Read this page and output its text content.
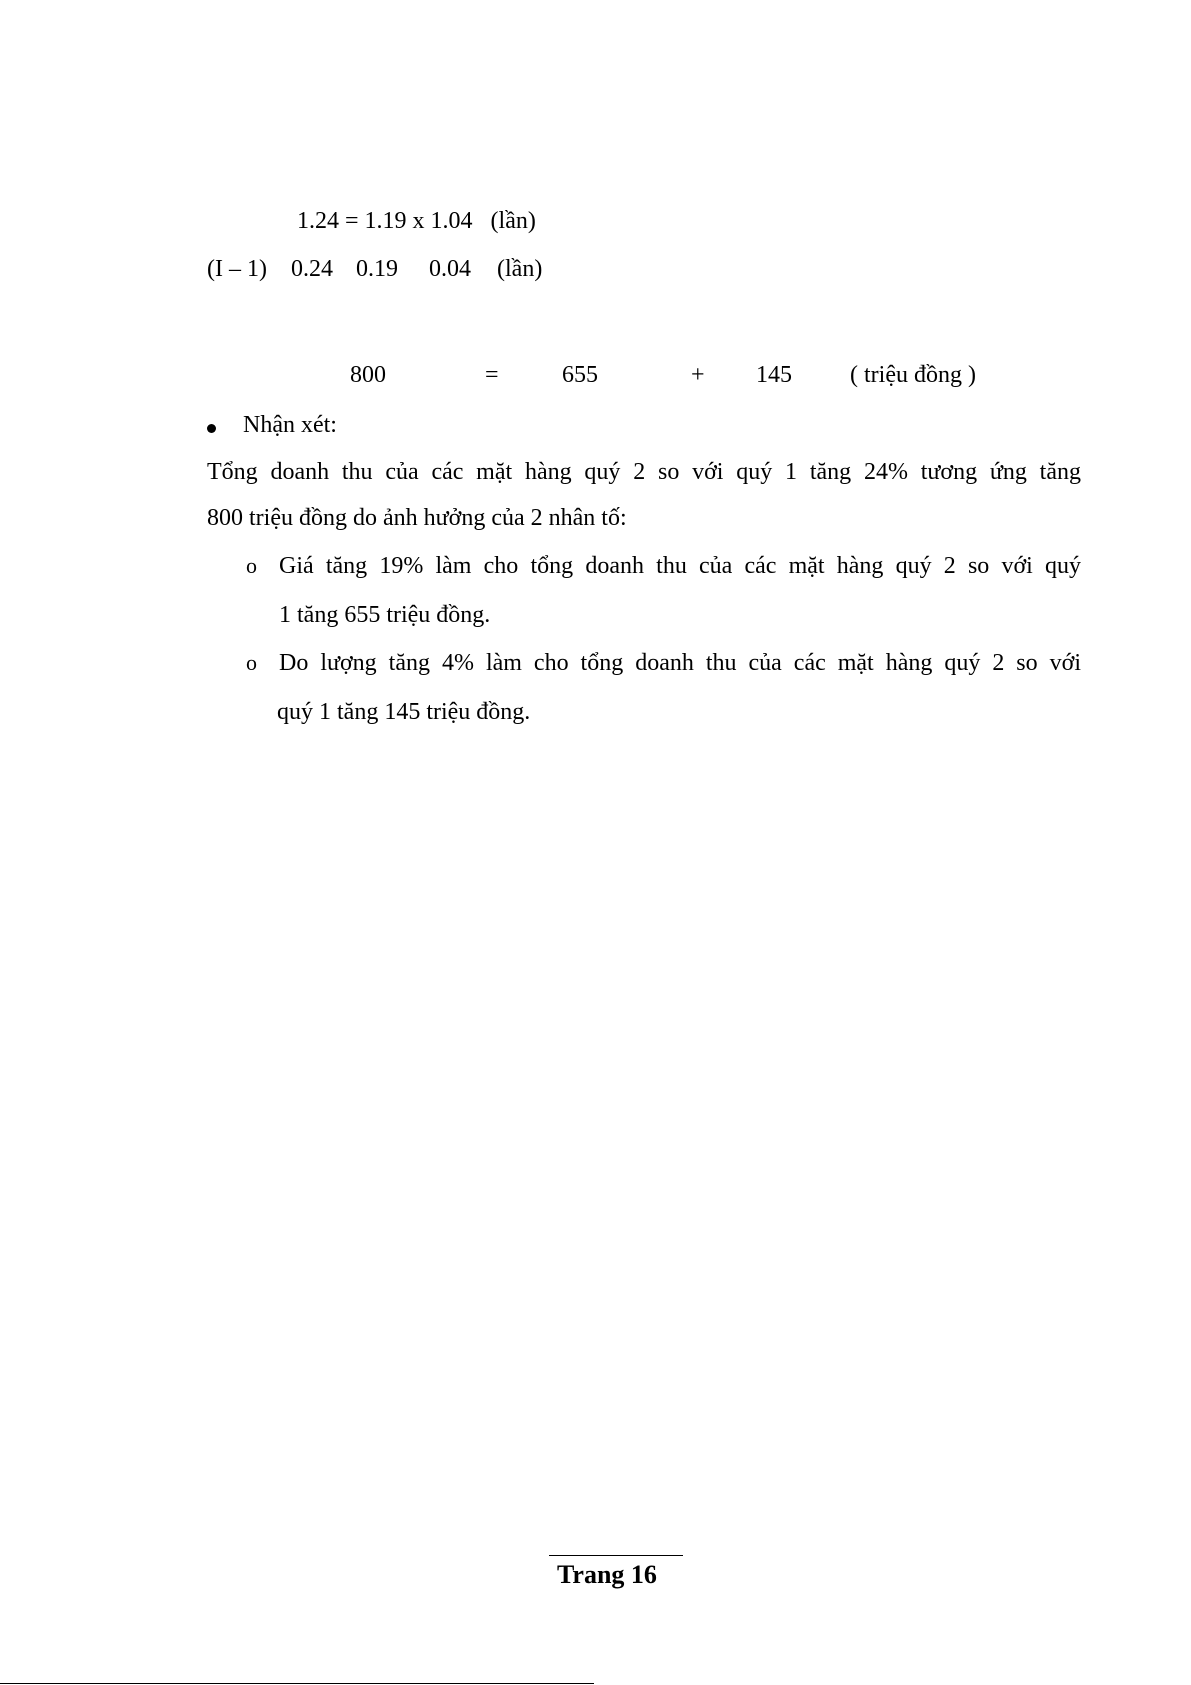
1.24 = 1.19 x 1.04   (lần)
(I – 1) 0.24 0.19 0.04 (lần)
800	=	655	+ 145 ( triệu đồng )
Nhận xét:
Tổng doanh thu của các mặt hàng quý 2 so với quý 1 tăng 24% tương ứng tăng
800 triệu đồng do ảnh hưởng của 2 nhân tố:
o Giá tăng 19% làm cho tổng doanh thu của các mặt hàng quý 2 so với quý
1 tăng 655 triệu đồng.
o Do lượng tăng 4% làm cho tổng doanh thu của các mặt hàng quý 2 so với
quý 1 tăng 145 triệu đồng.
Trang 16
